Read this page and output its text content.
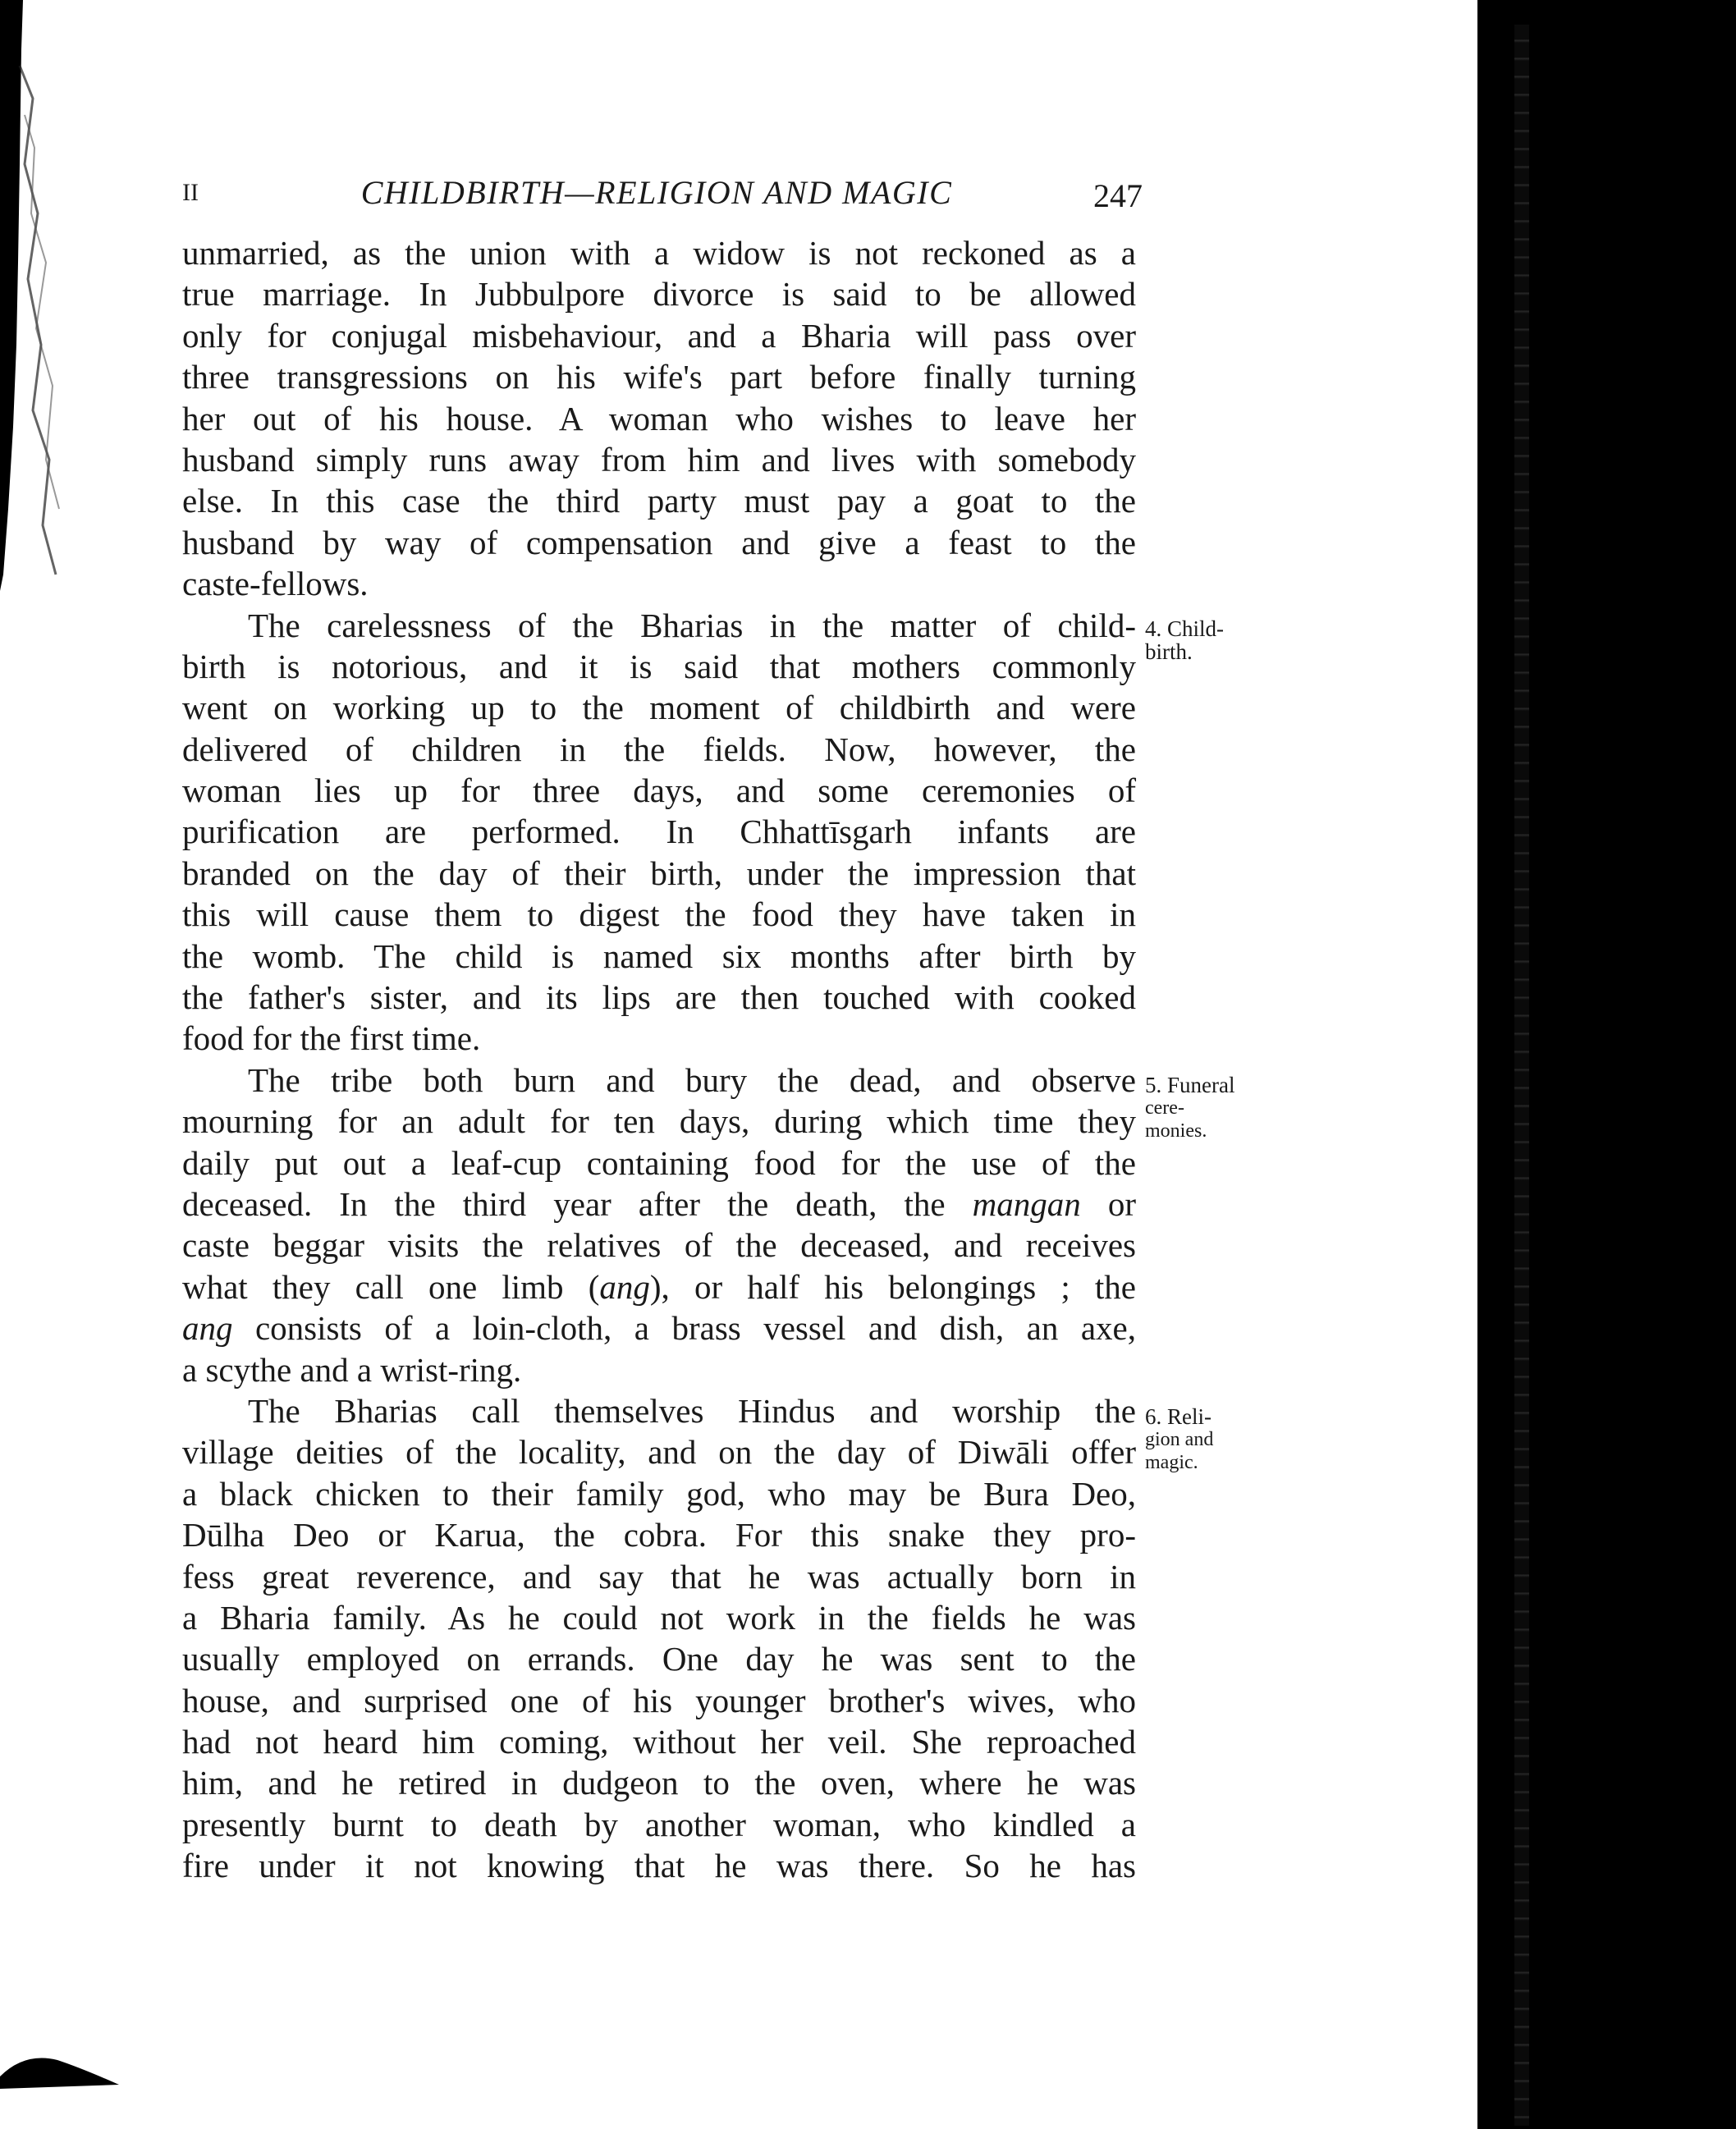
II	CHILDBIRTH—RELIGION AND MAGIC	247
unmarried, as the union with a widow is not reckoned as a
true marriage. In Jubbulpore divorce is said to be allowed
only for conjugal misbehaviour, and a Bharia will pass over
three transgressions on his wife's part before finally turning
her out of his house. A woman who wishes to leave her
husband simply runs away from him and lives with somebody
else. In this case the third party must pay a goat to the
husband by way of compensation and give a feast to the
caste-fellows.
The carelessness of the Bharias in the matter of child-
birth is notorious, and it is said that mothers commonly
went on working up to the moment of childbirth and were
delivered of children in the fields. Now, however, the
woman lies up for three days, and some ceremonies of
purification are performed. In Chhattīsgarh infants are
branded on the day of their birth, under the impression that
this will cause them to digest the food they have taken in
the womb. The child is named six months after birth by
the father's sister, and its lips are then touched with cooked
food for the first time.
The tribe both burn and bury the dead, and observe
mourning for an adult for ten days, during which time they
daily put out a leaf-cup containing food for the use of the
deceased. In the third year after the death, the mangan or
caste beggar visits the relatives of the deceased, and receives
what they call one limb (ang), or half his belongings ; the
ang consists of a loin-cloth, a brass vessel and dish, an axe,
a scythe and a wrist-ring.
The Bharias call themselves Hindus and worship the
village deities of the locality, and on the day of Diwāli offer
a black chicken to their family god, who may be Bura Deo,
Dūlha Deo or Karua, the cobra. For this snake they pro-
fess great reverence, and say that he was actually born in
a Bharia family. As he could not work in the fields he was
usually employed on errands. One day he was sent to the
house, and surprised one of his younger brother's wives, who
had not heard him coming, without her veil. She reproached
him, and he retired in dudgeon to the oven, where he was
presently burnt to death by another woman, who kindled a
fire under it not knowing that he was there. So he has
4. Child-
birth.
5. Funeral
cere-
monies.
6. Reli-
gion and
magic.
